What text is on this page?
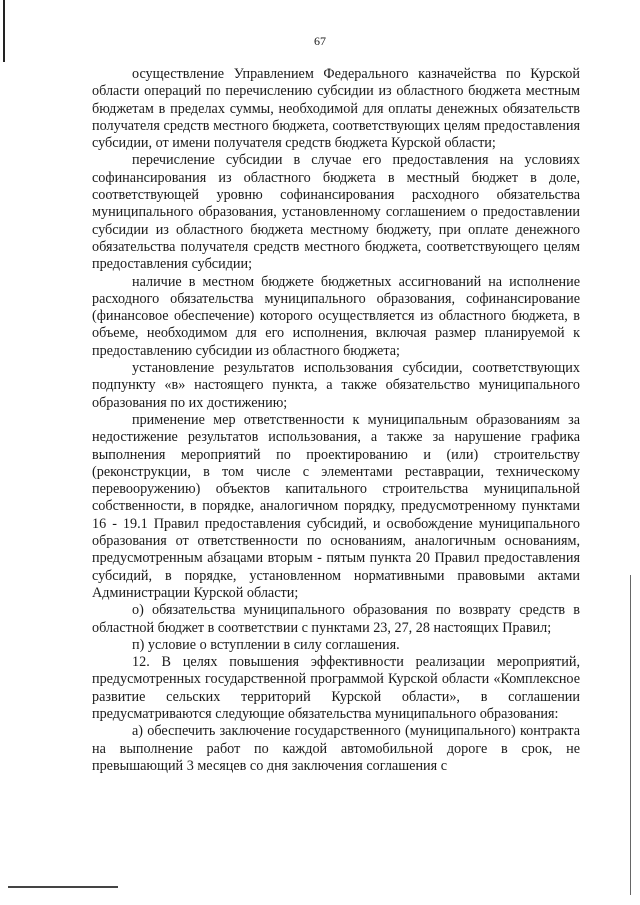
67

осуществление Управлением Федерального казначейства по Курской области операций по перечислению субсидии из областного бюджета местным бюджетам в пределах суммы, необходимой для оплаты денежных обязательств получателя средств местного бюджета, соответствующих целям предоставления субсидии, от имени получателя средств бюджета Курской области;

перечисление субсидии в случае его предоставления на условиях софинансирования из областного бюджета в местный бюджет в доле, соответствующей уровню софинансирования расходного обязательства муниципального образования, установленному соглашением о предоставлении субсидии из областного бюджета местному бюджету, при оплате денежного обязательства получателя средств местного бюджета, соответствующего целям предоставления субсидии;

наличие в местном бюджете бюджетных ассигнований на исполнение расходного обязательства муниципального образования, софинансирование (финансовое обеспечение) которого осуществляется из областного бюджета, в объеме, необходимом для его исполнения, включая размер планируемой к предоставлению субсидии из областного бюджета;

установление результатов использования субсидии, соответствующих подпункту «в» настоящего пункта, а также обязательство муниципального образования по их достижению;

применение мер ответственности к муниципальным образованиям за недостижение результатов использования, а также за нарушение графика выполнения мероприятий по проектированию и (или) строительству (реконструкции, в том числе с элементами реставрации, техническому перевооружению) объектов капитального строительства муниципальной собственности, в порядке, аналогичном порядку, предусмотренному пунктами 16 - 19.1 Правил предоставления субсидий, и освобождение муниципального образования от ответственности по основаниям, аналогичным основаниям, предусмотренным абзацами вторым - пятым пункта 20 Правил предоставления субсидий, в порядке, установленном нормативными правовыми актами Администрации Курской области;

о) обязательства муниципального образования по возврату средств в областной бюджет в соответствии с пунктами 23, 27, 28 настоящих Правил;

п) условие о вступлении в силу соглашения.

12. В целях повышения эффективности реализации мероприятий, предусмотренных государственной программой Курской области «Комплексное развитие сельских территорий Курской области», в соглашении предусматриваются следующие обязательства муниципального образования:

а) обеспечить заключение государственного (муниципального) контракта на выполнение работ по каждой автомобильной дороге в срок, не превышающий 3 месяцев со дня заключения соглашения с
